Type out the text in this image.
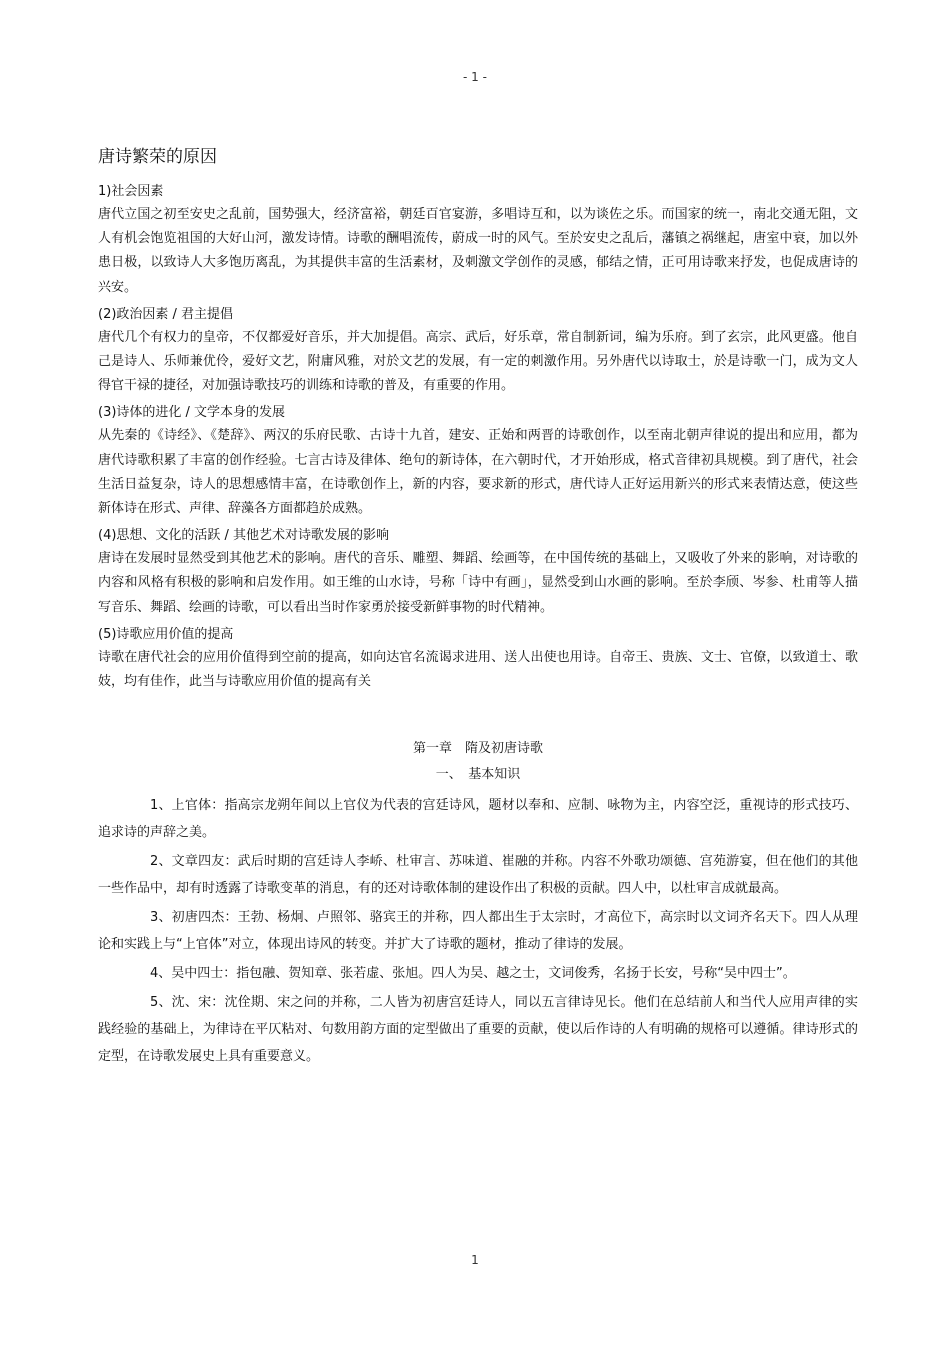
- 1 -
唐诗繁荣的原因

1)社会因素

唐代立国之初至安史之乱前，国势强大，经济富裕，朝廷百官宴游，多唱诗互和，以为谈佐之乐。而国家的统一，南北交通无阻，文人有机会饱览祖国的大好山河，激发诗情。诗歌的酬唱流传，蔚成一时的风气。至於安史之乱后，藩镇之祸继起，唐室中衰，加以外患日极，以致诗人大多饱历离乱，为其提供丰富的生活素材，及刺激文学创作的灵感，郁结之情，正可用诗歌来抒发，也促成唐诗的兴安。

(2)政治因素 / 君主提倡

唐代几个有权力的皇帝，不仅都爱好音乐，并大加提倡。高宗、武后，好乐章，常自制新词，编为乐府。到了玄宗，此风更盛。他自己是诗人、乐师兼优伶，爱好文艺，附庸风雅，对於文艺的发展，有一定的刺激作用。另外唐代以诗取士，於是诗歌一门，成为文人得官干禄的捷径，对加强诗歌技巧的训练和诗歌的普及，有重要的作用。

(3)诗体的进化 / 文学本身的发展

从先秦的《诗经》、《楚辞》、两汉的乐府民歌、古诗十九首，建安、正始和两晋的诗歌创作，以至南北朝声律说的提出和应用，都为唐代诗歌积累了丰富的创作经验。七言古诗及律体、绝句的新诗体，在六朝时代，才开始形成，格式音律初具规模。到了唐代，社会生活日益复杂，诗人的思想感情丰富，在诗歌创作上，新的内容，要求新的形式，唐代诗人正好运用新兴的形式来表情达意，使这些新体诗在形式、声律、辞藻各方面都趋於成熟。

(4)思想、文化的活跃 / 其他艺术对诗歌发展的影响

唐诗在发展时显然受到其他艺术的影响。唐代的音乐、雕塑、舞蹈、绘画等，在中国传统的基础上，又吸收了外来的影响，对诗歌的内容和风格有积极的影响和启发作用。如王维的山水诗，号称「诗中有画」，显然受到山水画的影响。至於李颀、岑参、杜甫等人描写音乐、舞蹈、绘画的诗歌，可以看出当时作家勇於接受新鲜事物的时代精神。

(5)诗歌应用价值的提高

诗歌在唐代社会的应用价值得到空前的提高，如向达官名流谒求进用、送人出使也用诗。自帝王、贵族、文士、官僚，以致道士、歌妓，均有佳作，此当与诗歌应用价值的提高有关

第一章　隋及初唐诗歌

一、　基本知识

1、上官体：指高宗龙朔年间以上官仪为代表的宫廷诗风，题材以奉和、应制、咏物为主，内容空泛，重视诗的形式技巧、追求诗的声辞之美。

2、文章四友：武后时期的宫廷诗人李峤、杜审言、苏味道、崔融的并称。内容不外歌功颂德、宫苑游宴，但在他们的其他一些作品中，却有时透露了诗歌变革的消息，有的还对诗歌体制的建设作出了积极的贡献。四人中，以杜审言成就最高。

3、初唐四杰：王勃、杨炯、卢照邻、骆宾王的并称，四人都出生于太宗时，才高位下，高宗时以文词齐名天下。四人从理论和实践上与“上官体”对立，体现出诗风的转变。并扩大了诗歌的题材，推动了律诗的发展。

4、吴中四士：指包融、贺知章、张若虚、张旭。四人为吴、越之士，文词俊秀，名扬于长安，号称“吴中四士”。

5、沈、宋：沈佺期、宋之问的并称，二人皆为初唐宫廷诗人，同以五言律诗见长。他们在总结前人和当代人应用声律的实践经验的基础上，为律诗在平仄粘对、句数用韵方面的定型做出了重要的贡献，使以后作诗的人有明确的规格可以遵循。律诗形式的定型，在诗歌发展史上具有重要意义。

1
